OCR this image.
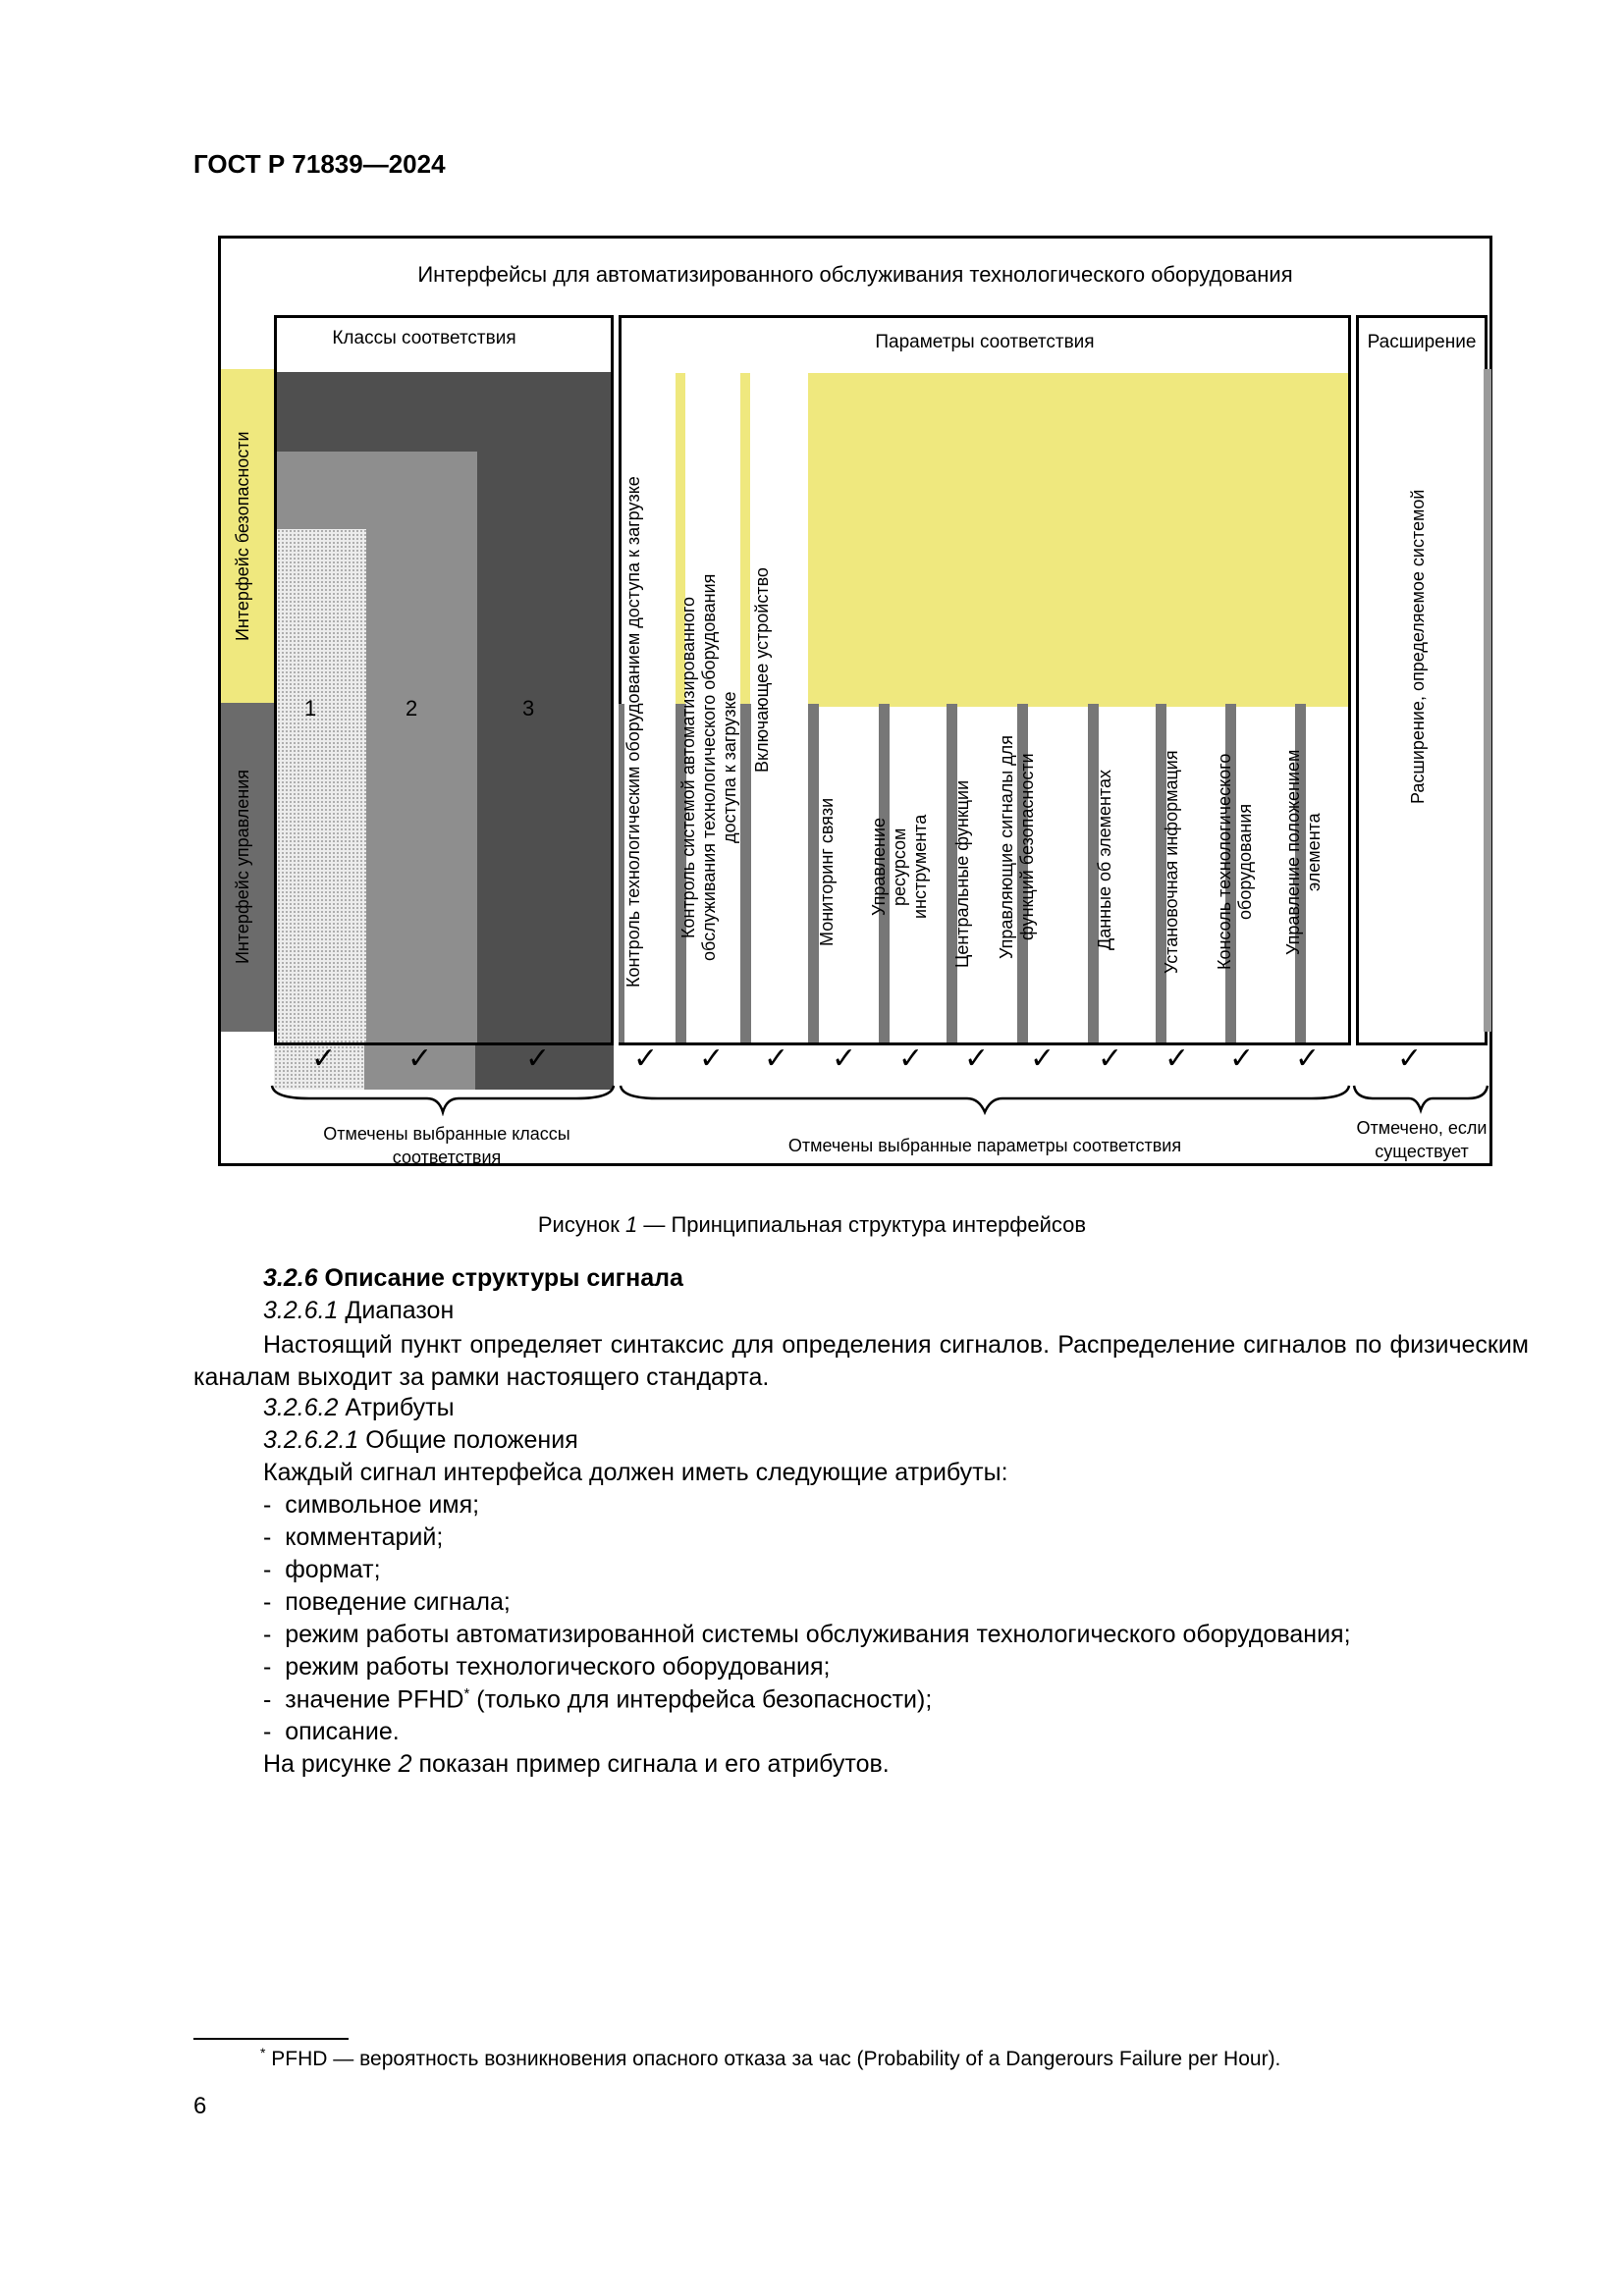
ГОСТ Р 71839—2024
Интерфейсы для автоматизированного обслуживания технологического оборудования
Интерфейс безопасности
Интерфейс управления
Классы соответствия
1	2	3
Параметры соответствия	Расширение
Расширение, определяемое системой
Контроль технологическим оборудованием доступа к загрузке Контроль системой автоматизированного обслуживания технологического оборудования доступа к загрузке Включающее устройство
Мониторинг связи Управление ресурсом инструмента Центральные функции Управляющие сигналы для функций безопасности	Данные об элементах	Установочная информация Консоль технологического оборудования Управление положением элемента
✓ ✓	✓	✓ ✓ ✓ ✓ ✓ ✓ ✓ ✓ ✓ ✓ ✓	✓
Отмечены выбранные классы соответствия
Отмечены выбранные параметры соответствия
Отмечено, если существует
Рисунок 1 — Принципиальная структура интерфейсов
3.2.6 Описание структуры сигнала
3.2.6.1 Диапазон
Настоящий пункт определяет синтаксис для определения сигналов. Распределение сигналов по физическим каналам выходит за рамки настоящего стандарта.
3.2.6.2 Атрибуты
3.2.6.2.1 Общие положения
Каждый сигнал интерфейса должен иметь следующие атрибуты:
- символьное имя;
- комментарий;
- формат;
- поведение сигнала;
- режим работы автоматизированной системы обслуживания технологического оборудования;
- режим работы технологического оборудования;
- значение PFHD* (только для интерфейса безопасности);
- описание.
На рисунке 2 показан пример сигнала и его атрибутов.
* PFHD — вероятность возникновения опасного отказа за час (Probability of a Dangerours Failure per Hour).
6
